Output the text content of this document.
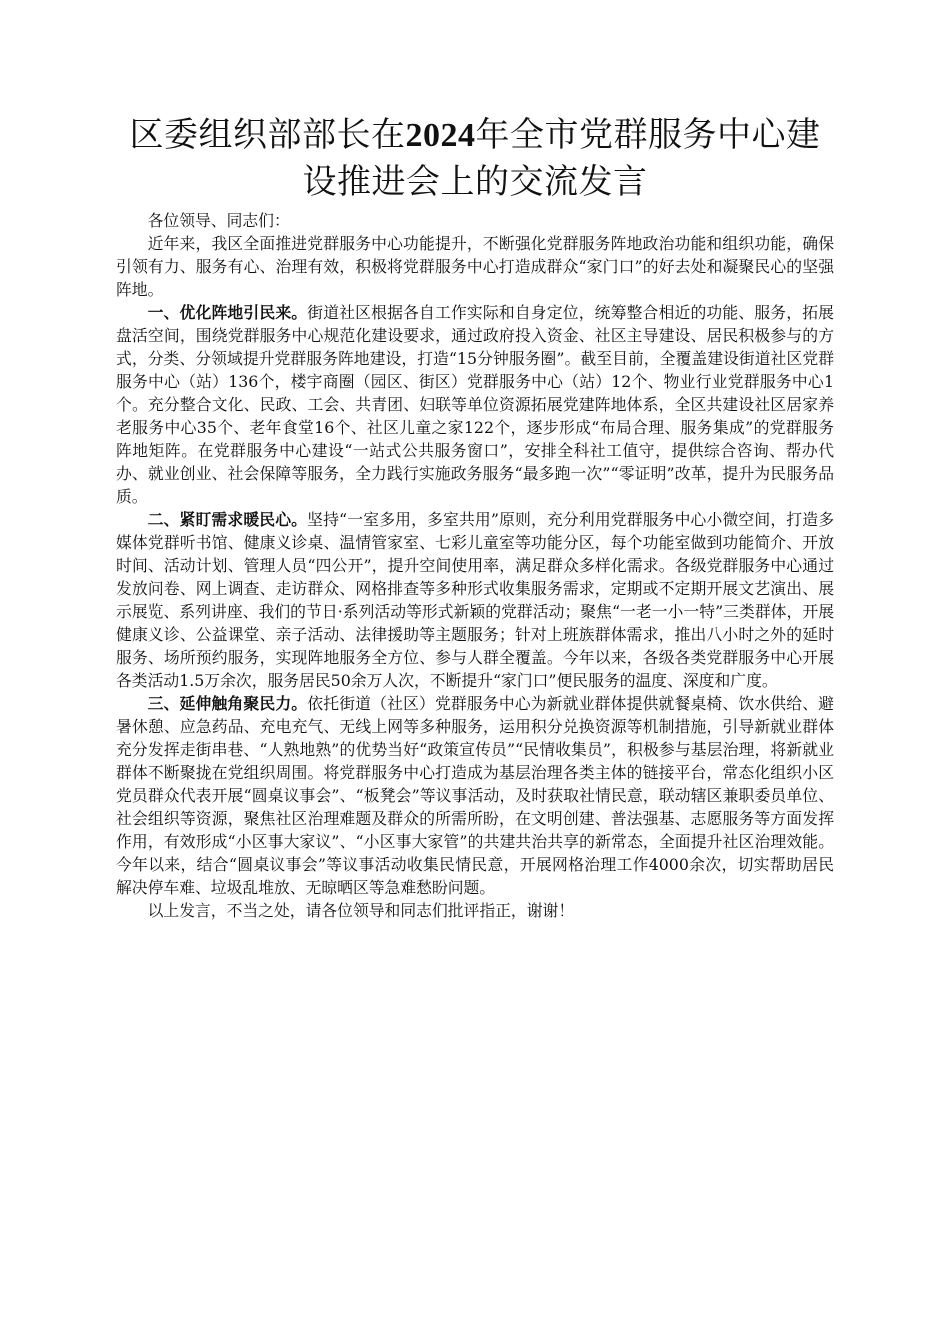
区委组织部部长在2024年全市党群服务中心建设推进会上的交流发言

各位领导、同志们：

近年来，我区全面推进党群服务中心功能提升，不断强化党群服务阵地政治功能和组织功能，确保引领有力、服务有心、治理有效，积极将党群服务中心打造成群众“家门口”的好去处和凝聚民心的坚强阵地。

一、优化阵地引民来。街道社区根据各自工作实际和自身定位，统筹整合相近的功能、服务，拓展盘活空间，围绕党群服务中心规范化建设要求，通过政府投入资金、社区主导建设、居民积极参与的方式，分类、分领域提升党群服务阵地建设，打造“15分钟服务圈”。截至目前，全覆盖建设街道社区党群服务中心（站）136个，楼宇商圈（园区、街区）党群服务中心（站）12个、物业行业党群服务中心1个。充分整合文化、民政、工会、共青团、妇联等单位资源拓展党建阵地体系，全区共建设社区居家养老服务中心35个、老年食堂16个、社区儿童之家122个，逐步形成“布局合理、服务集成”的党群服务阵地矩阵。在党群服务中心建设“一站式公共服务窗口”，安排全科社工值守，提供综合咨询、帮办代办、就业创业、社会保障等服务，全力践行实施政务服务“最多跑一次”“零证明”改革，提升为民服务品质。

二、紧盯需求暖民心。坚持“一室多用，多室共用”原则，充分利用党群服务中心小微空间，打造多媒体党群听书馆、健康义诊桌、温情管家室、七彩儿童室等功能分区，每个功能室做到功能简介、开放时间、活动计划、管理人员“四公开”，提升空间使用率，满足群众多样化需求。各级党群服务中心通过发放问卷、网上调查、走访群众、网格排查等多种形式收集服务需求，定期或不定期开展文艺演出、展示展览、系列讲座、我们的节日·系列活动等形式新颖的党群活动；聚焦“一老一小一特”三类群体，开展健康义诊、公益课堂、亲子活动、法律援助等主题服务；针对上班族群体需求，推出八小时之外的延时服务、场所预约服务，实现阵地服务全方位、参与人群全覆盖。今年以来，各级各类党群服务中心开展各类活动1.5万余次，服务居民50余万人次，不断提升“家门口”便民服务的温度、深度和广度。

三、延伸触角聚民力。依托街道（社区）党群服务中心为新就业群体提供就餐桌椅、饮水供给、避暑休憩、应急药品、充电充气、无线上网等多种服务，运用积分兑换资源等机制措施，引导新就业群体充分发挥走街串巷、“人熟地熟”的优势当好“政策宣传员”“民情收集员”，积极参与基层治理，将新就业群体不断聚拢在党组织周围。将党群服务中心打造成为基层治理各类主体的链接平台，常态化组织小区党员群众代表开展“圆桌议事会”、“板凳会”等议事活动，及时获取社情民意，联动辖区兼职委员单位、社会组织等资源，聚焦社区治理难题及群众的所需所盼，在文明创建、普法强基、志愿服务等方面发挥作用，有效形成“小区事大家议”、“小区事大家管”的共建共治共享的新常态，全面提升社区治理效能。今年以来，结合“圆桌议事会”等议事活动收集民情民意，开展网格治理工作4000余次，切实帮助居民解决停车难、垃圾乱堆放、无晾晒区等急难愁盼问题。

以上发言，不当之处，请各位领导和同志们批评指正，谢谢！
